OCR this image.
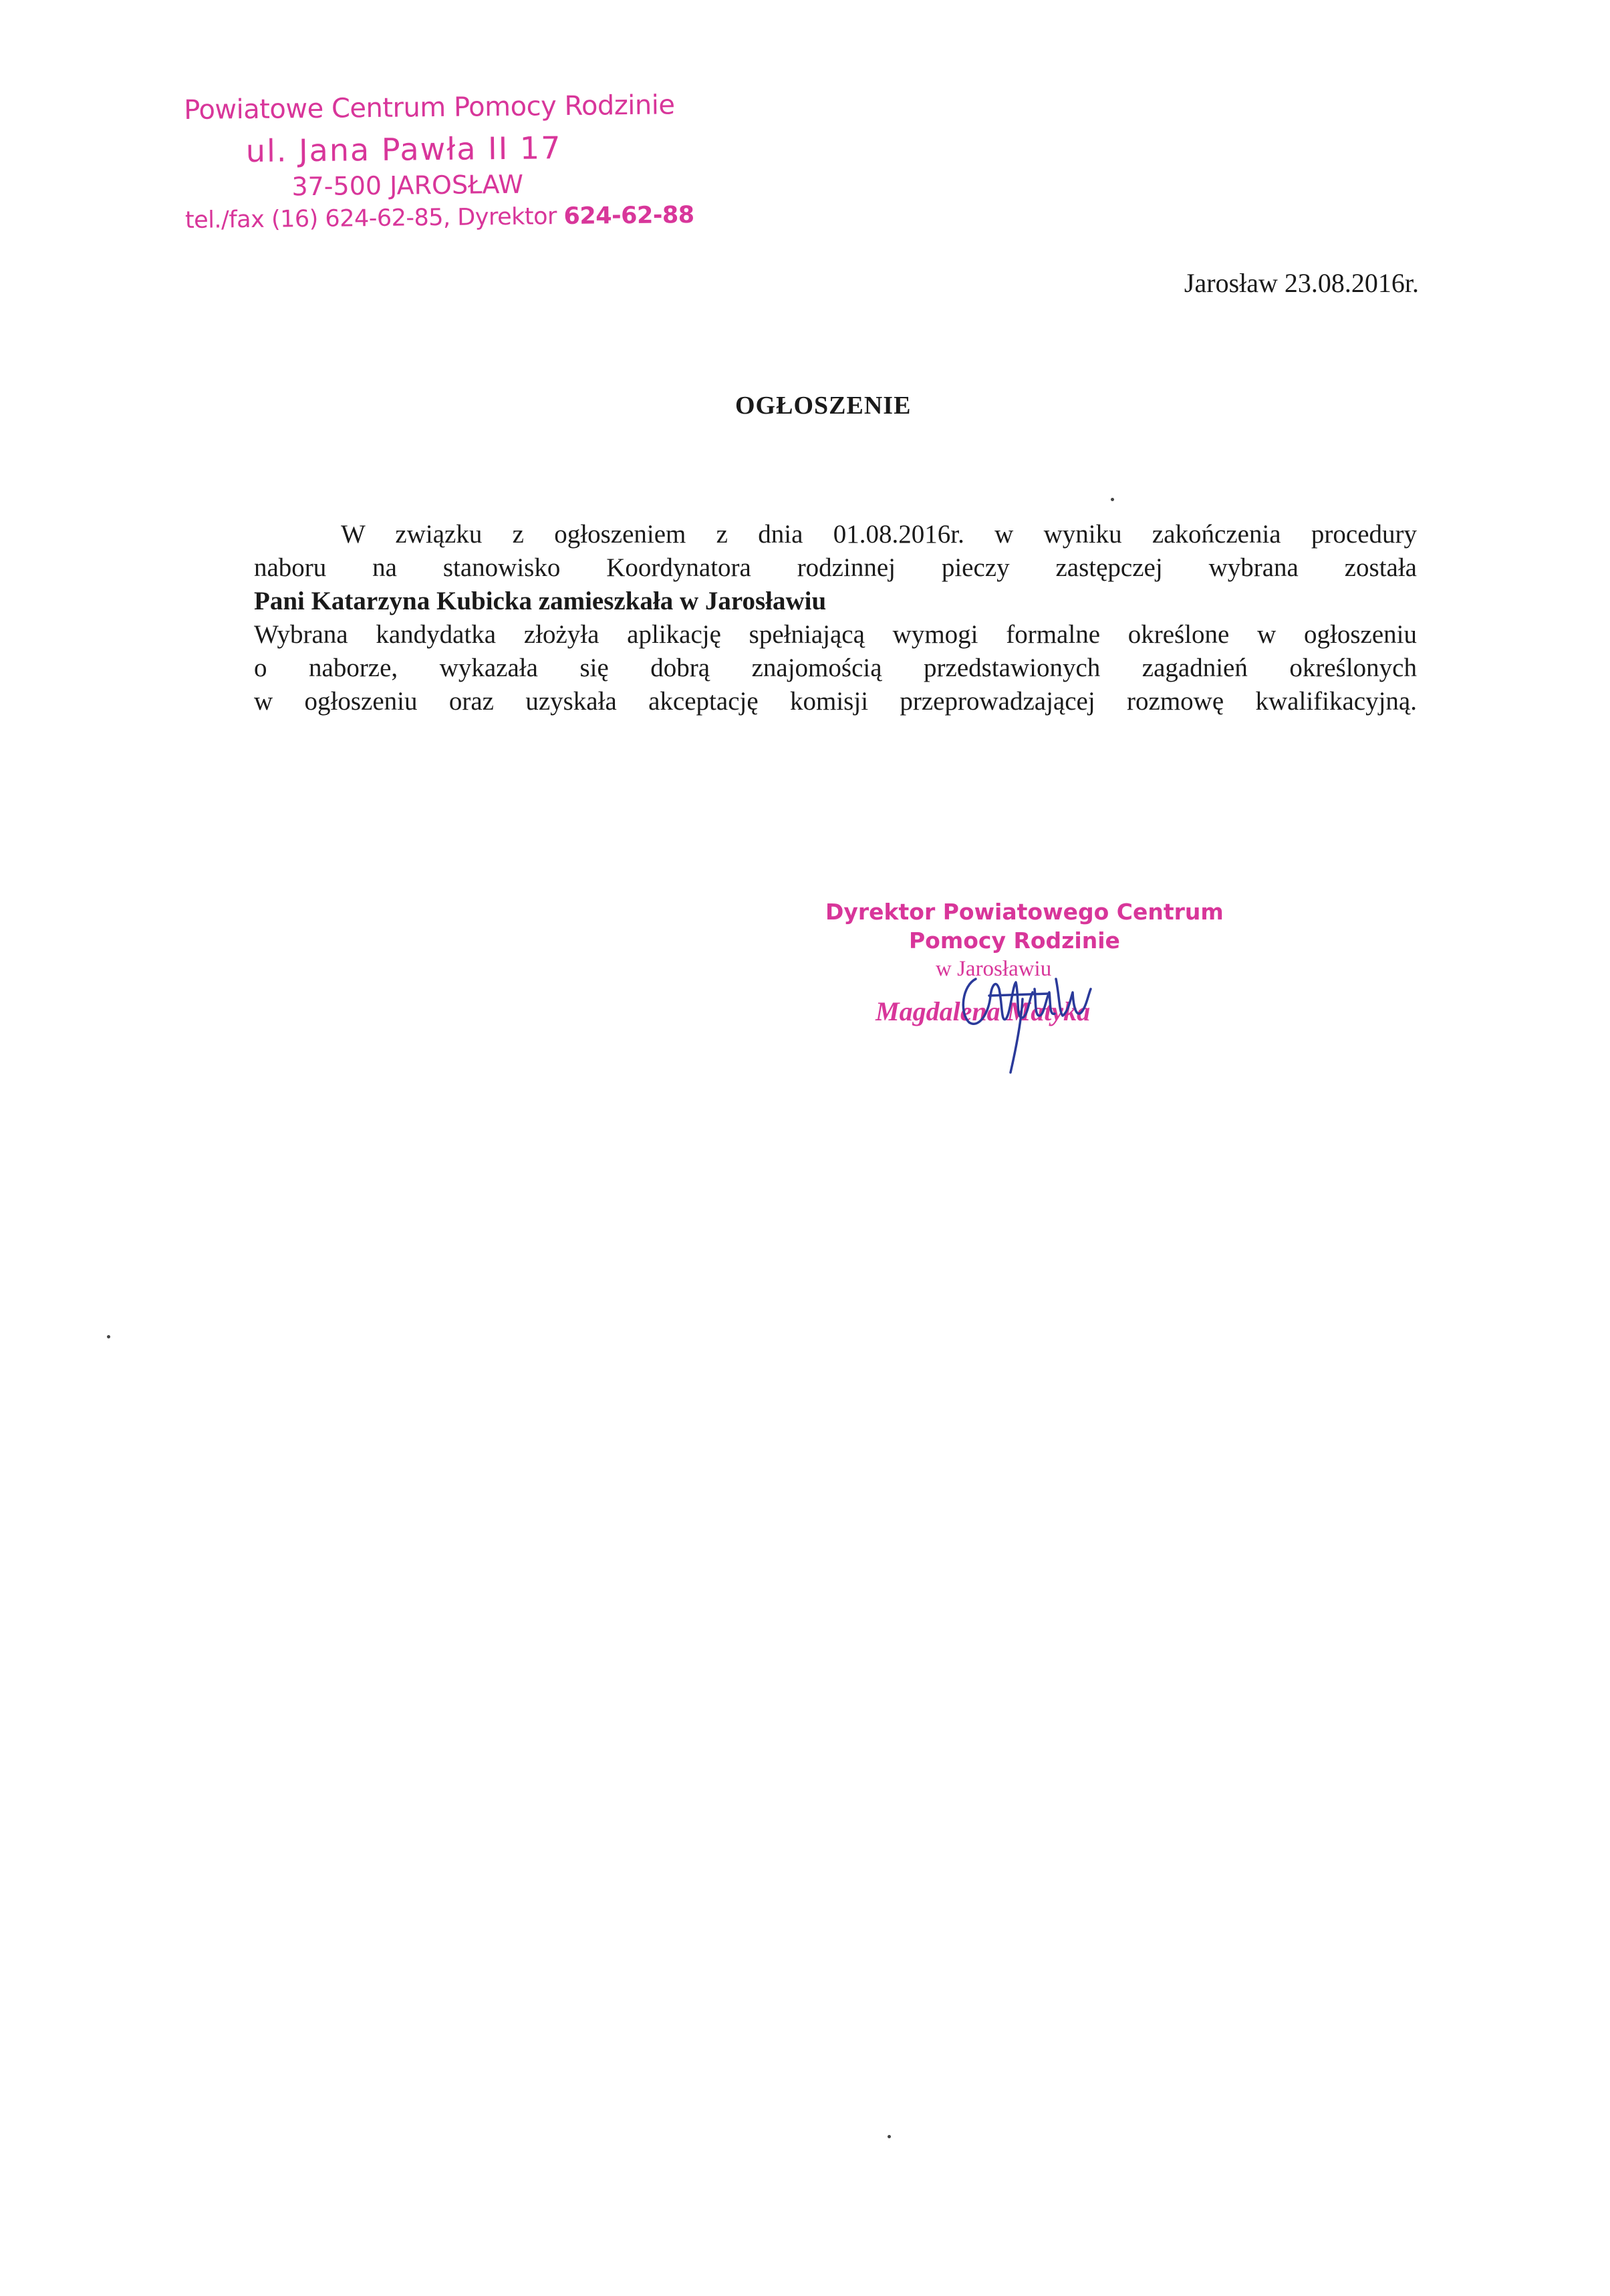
Powiatowe Centrum Pomocy Rodzinie
ul. Jana Pawła II 17
37-500 JAROSŁAW
tel./fax (16) 624-62-85, Dyrektor 624-62-88
Jarosław 23.08.2016r.
OGŁOSZENIE
W związku z ogłoszeniem z dnia 01.08.2016r. w wyniku zakończenia procedury
naboru na stanowisko Koordynatora rodzinnej pieczy zastępczej wybrana została
Pani Katarzyna Kubicka zamieszkała w Jarosławiu
Wybrana kandydatka złożyła aplikację spełniającą wymogi formalne określone w ogłoszeniu
o naborze, wykazała się dobrą znajomością przedstawionych zagadnień określonych
w ogłoszeniu oraz uzyskała akceptację komisji przeprowadzającej rozmowę kwalifikacyjną.
Dyrektor Powiatowego Centrum
Pomocy Rodzinie
w Jarosławiu
Magdalena Matyka
